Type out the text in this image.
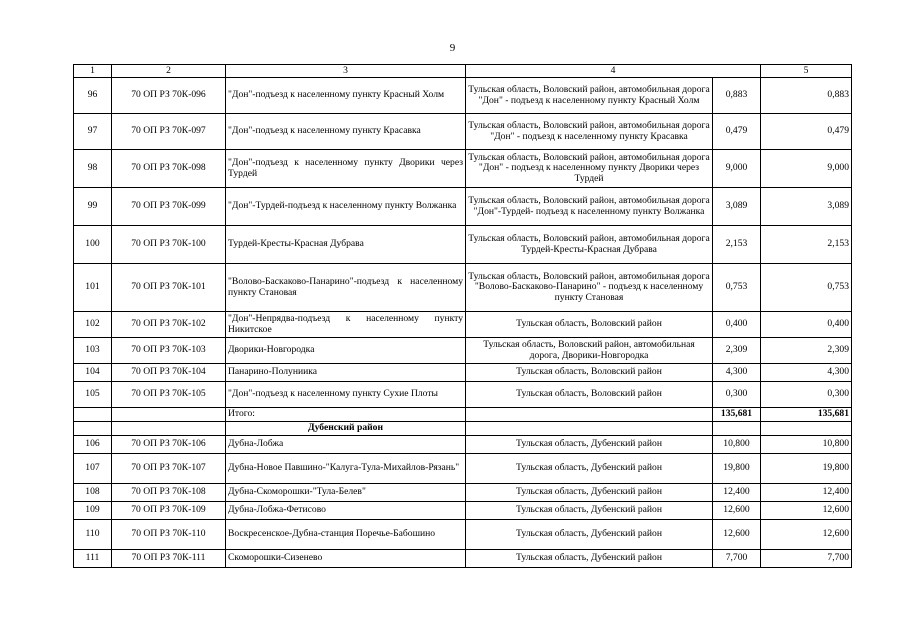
9
1	2	3	4		5
96	70 ОП РЗ 70К-096	"Дон"-подъезд к населенному пункту Красный Холм	Тульская область, Воловский район, автомобильная дорога "Дон" - подъезд к населенному пункту Красный Холм	0,883	0,883
97	70 ОП РЗ 70К-097	"Дон"-подъезд к населенному пункту Красавка	Тульская область, Воловский район, автомобильная дорога "Дон" - подъезд к населенному пункту Красавка	0,479	0,479
98	70 ОП РЗ 70К-098	"Дон"-подъезд к населенному пункту Дворики через Турдей	Тульская область, Воловский район, автомобильная дорога "Дон" - подъезд к населенному пункту Дворики через Турдей	9,000	9,000
99	70 ОП РЗ 70К-099	"Дон"-Турдей-подъезд к населенному пункту Волжанка	Тульская область, Воловский район, автомобильная дорога "Дон"-Турдей- подъезд к населенному пункту Волжанка	3,089	3,089
100	70 ОП РЗ 70К-100	Турдей-Кресты-Красная Дубрава	Тульская область, Воловский район, автомобильная дорога Турдей-Кресты-Красная Дубрава	2,153	2,153
101	70 ОП РЗ 70К-101	"Волово-Баскаково-Панарино"-подъезд к населенному пункту Становая	Тульская область, Воловский район, автомобильная дорога "Волово-Баскаково-Панарино" - подъезд к населенному пункту Становая	0,753	0,753
102	70 ОП РЗ 70К-102	"Дон"-Непрядва-подъезд к населенному пункту Никитское	Тульская область, Воловский район	0,400	0,400
103	70 ОП РЗ 70К-103	Дворики-Новгородка	Тульская область, Воловский район, автомобильная дорога, Дворики-Новгородка	2,309	2,309
104	70 ОП РЗ 70К-104	Панарино-Полуниика	Тульская область, Воловский район	4,300	4,300
105	70 ОП РЗ 70К-105	"Дон"-подъезд к населенному пункту Сухие Плоты	Тульская область, Воловский район	0,300	0,300
		Итого:		135,681	135,681
		Дубенский район			
106	70 ОП РЗ 70К-106	Дубна-Лобжа	Тульская область, Дубенский район	10,800	10,800
107	70 ОП РЗ 70К-107	Дубна-Новое Павшино-"Калуга-Тула-Михайлов-Рязань"	Тульская область, Дубенский район	19,800	19,800
108	70 ОП РЗ 70К-108	Дубна-Скоморошки-"Тула-Белев"	Тульская область, Дубенский район	12,400	12,400
109	70 ОП РЗ 70К-109	Дубна-Лобжа-Фетисово	Тульская область, Дубенский район	12,600	12,600
110	70 ОП РЗ 70К-110	Воскресенское-Дубна-станция Поречье-Бабошино	Тульская область, Дубенский район	12,600	12,600
111	70 ОП РЗ 70К-111	Скоморошки-Сизенево	Тульская область, Дубенский район	7,700	7,700
